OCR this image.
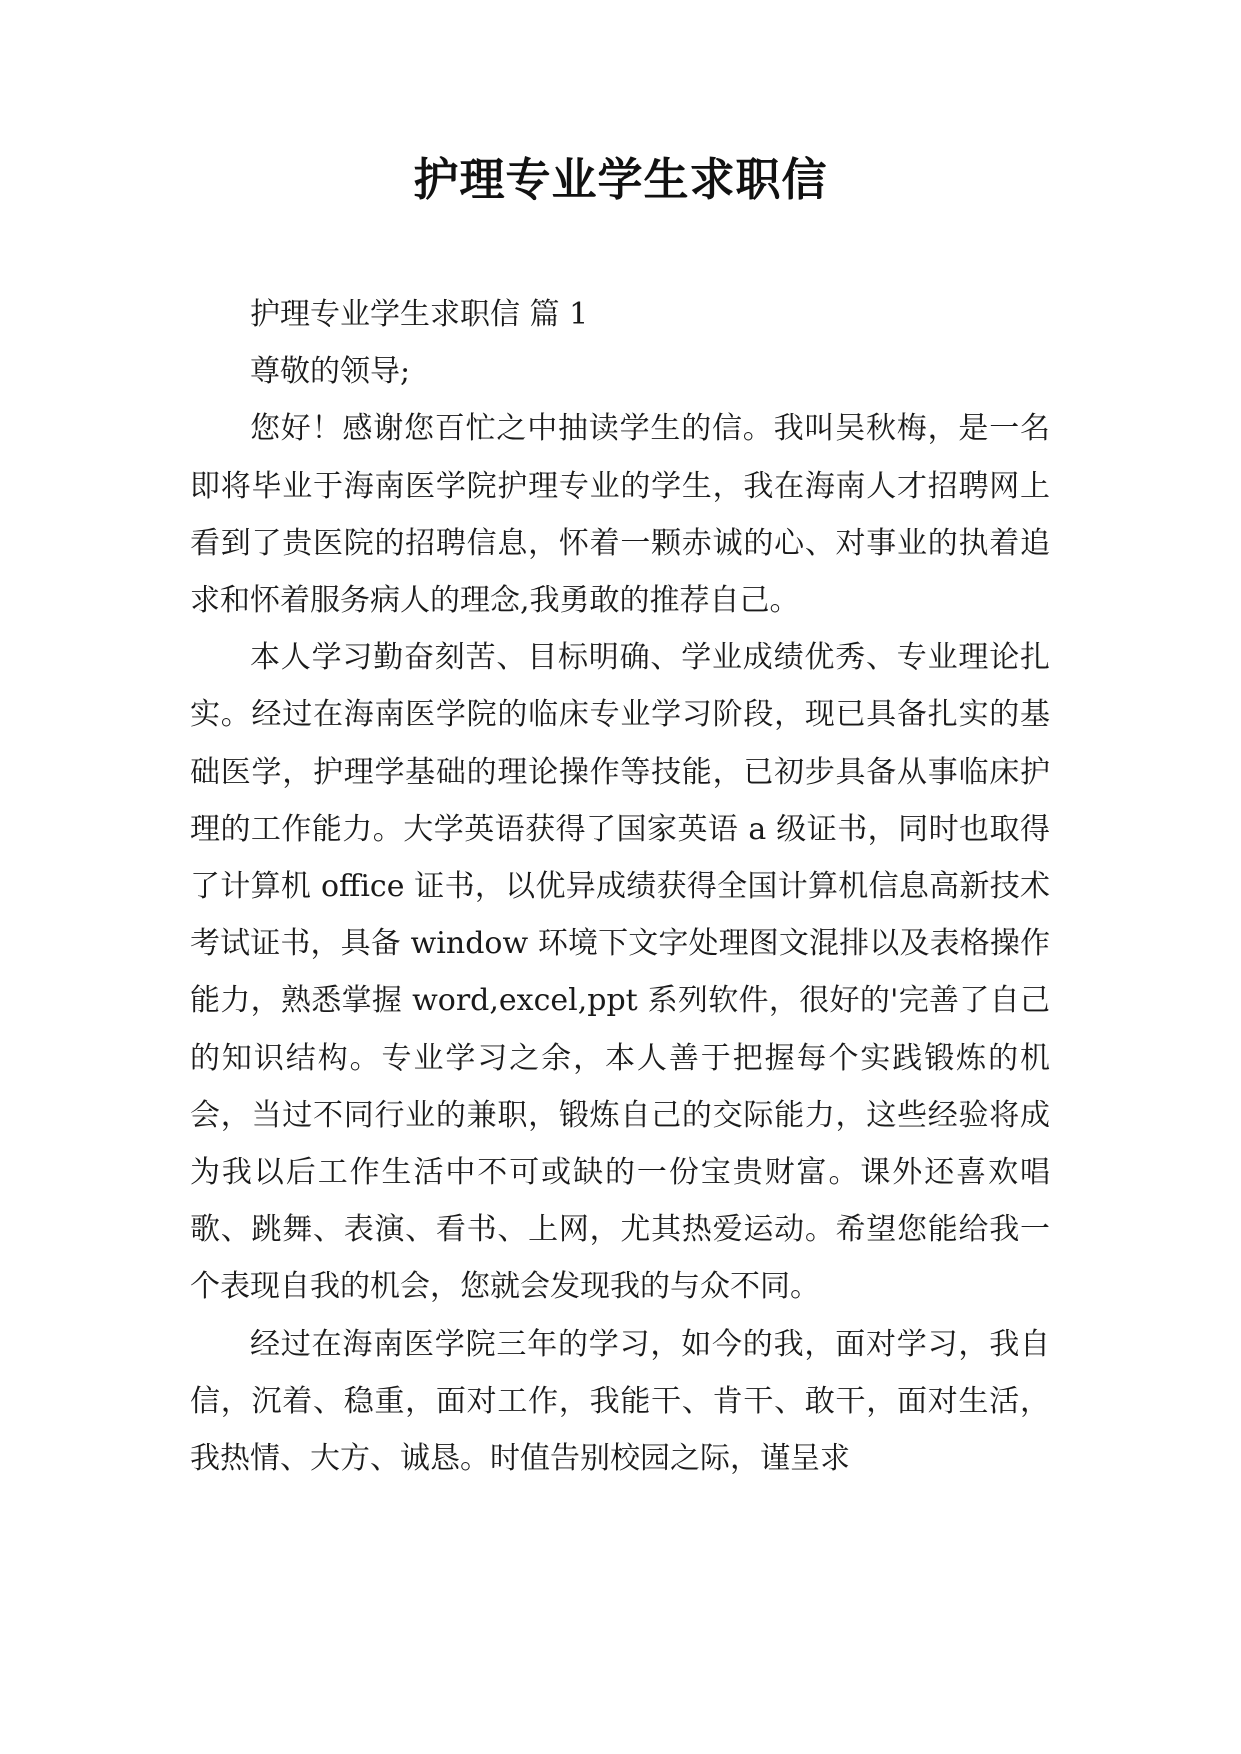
护理专业学生求职信

护理专业学生求职信 篇 1

尊敬的领导;

您好！感谢您百忙之中抽读学生的信。我叫吴秋梅，是一名即将毕业于海南医学院护理专业的学生，我在海南人才招聘网上看到了贵医院的招聘信息，怀着一颗赤诚的心、对事业的执着追求和怀着服务病人的理念,我勇敢的推荐自己。

本人学习勤奋刻苦、目标明确、学业成绩优秀、专业理论扎实。经过在海南医学院的临床专业学习阶段，现已具备扎实的基础医学，护理学基础的理论操作等技能，已初步具备从事临床护理的工作能力。大学英语获得了国家英语 a 级证书，同时也取得了计算机 office 证书，以优异成绩获得全国计算机信息高新技术考试证书，具备 window 环境下文字处理图文混排以及表格操作能力，熟悉掌握 word,excel,ppt 系列软件，很好的'完善了自己的知识结构。专业学习之余，本人善于把握每个实践锻炼的机会，当过不同行业的兼职，锻炼自己的交际能力，这些经验将成为我以后工作生活中不可或缺的一份宝贵财富。课外还喜欢唱歌、跳舞、表演、看书、上网，尤其热爱运动。希望您能给我一个表现自我的机会，您就会发现我的与众不同。

经过在海南医学院三年的学习，如今的我，面对学习，我自信，沉着、稳重，面对工作，我能干、肯干、敢干，面对生活，我热情、大方、诚恳。时值告别校园之际，谨呈求
